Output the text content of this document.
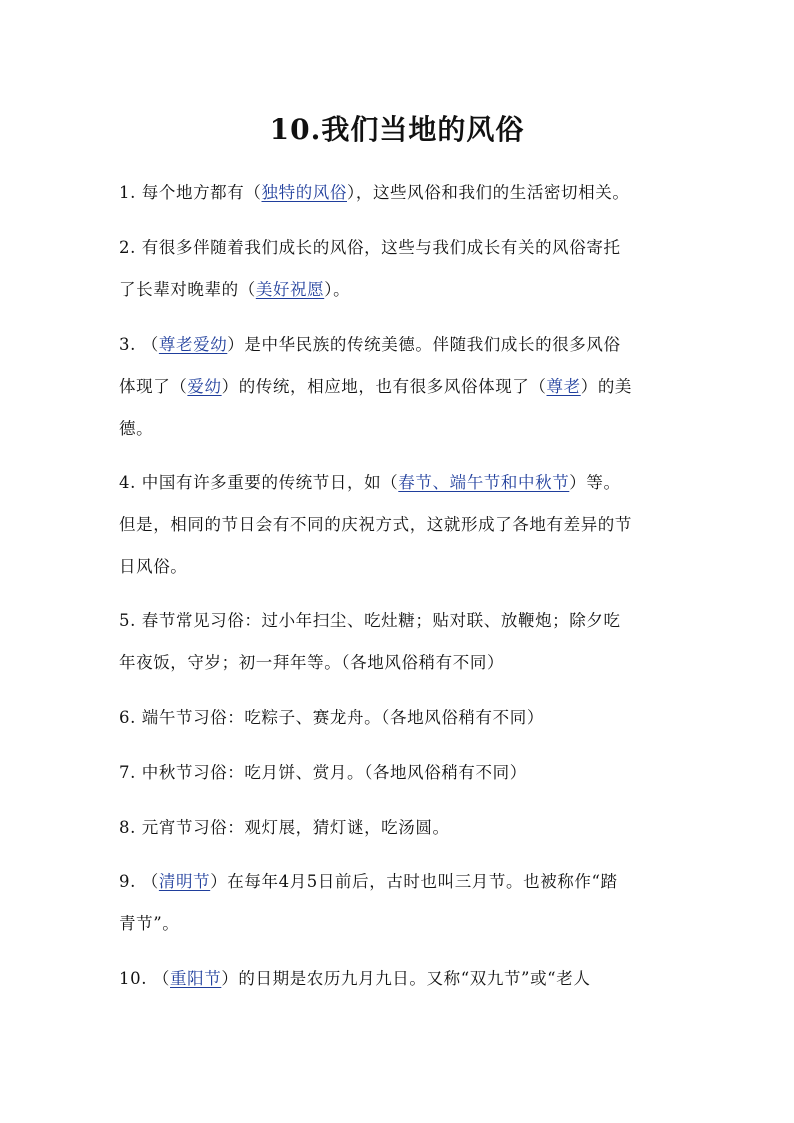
10.我们当地的风俗
1. 每个地方都有（独特的风俗），这些风俗和我们的生活密切相关。
2. 有很多伴随着我们成长的风俗，这些与我们成长有关的风俗寄托
了长辈对晚辈的（美好祝愿）。
3. （尊老爱幼）是中华民族的传统美德。伴随我们成长的很多风俗
体现了（爱幼）的传统，相应地，也有很多风俗体现了（尊老）的美
德。
4. 中国有许多重要的传统节日，如（春节、端午节和中秋节）等。
但是，相同的节日会有不同的庆祝方式，这就形成了各地有差异的节
日风俗。
5. 春节常见习俗：过小年扫尘、吃灶糖；贴对联、放鞭炮；除夕吃
年夜饭，守岁；初一拜年等。（各地风俗稍有不同）
6. 端午节习俗：吃粽子、赛龙舟。（各地风俗稍有不同）
7. 中秋节习俗：吃月饼、赏月。（各地风俗稍有不同）
8. 元宵节习俗：观灯展，猜灯谜，吃汤圆。
9. （清明节）在每年4月5日前后，古时也叫三月节。也被称作“踏
青节”。
10. （重阳节）的日期是农历九月九日。又称“双九节”或“老人
